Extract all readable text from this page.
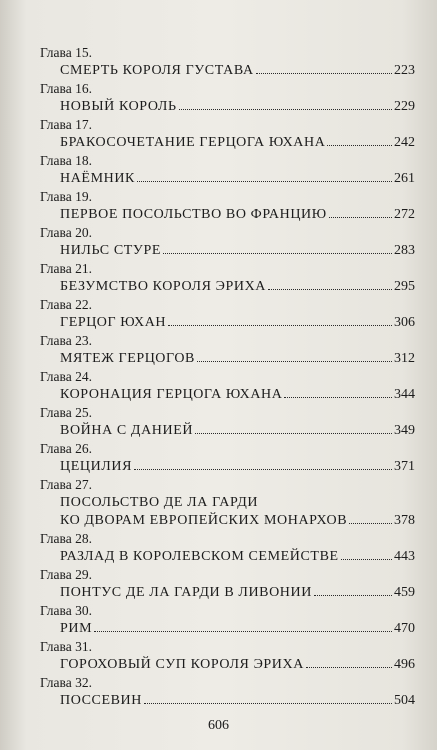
Глава 15.
СМЕРТЬ КОРОЛЯ ГУСТАВА	223
Глава 16.
НОВЫЙ КОРОЛЬ	229
Глава 17.
БРАКОСОЧЕТАНИЕ ГЕРЦОГА ЮХАНА	242
Глава 18.
НАЁМНИК	261
Глава 19.
ПЕРВОЕ ПОСОЛЬСТВО ВО ФРАНЦИЮ	272
Глава 20.
НИЛЬС СТУРЕ	283
Глава 21.
БЕЗУМСТВО КОРОЛЯ ЭРИХА	295
Глава 22.
ГЕРЦОГ ЮХАН	306
Глава 23.
МЯТЕЖ ГЕРЦОГОВ	312
Глава 24.
КОРОНАЦИЯ ГЕРЦОГА ЮХАНА	344
Глава 25.
ВОЙНА С ДАНИЕЙ	349
Глава 26.
ЦЕЦИЛИЯ	371
Глава 27.
ПОСОЛЬСТВО ДЕ ЛА ГАРДИ
КО ДВОРАМ ЕВРОПЕЙСКИХ МОНАРХОВ	378
Глава 28.
РАЗЛАД В КОРОЛЕВСКОМ СЕМЕЙСТВЕ	443
Глава 29.
ПОНТУС ДЕ ЛА ГАРДИ В ЛИВОНИИ	459
Глава 30.
РИМ	470
Глава 31.
ГОРОХОВЫЙ СУП КОРОЛЯ ЭРИХА	496
Глава 32.
ПОССЕВИН	504
606
